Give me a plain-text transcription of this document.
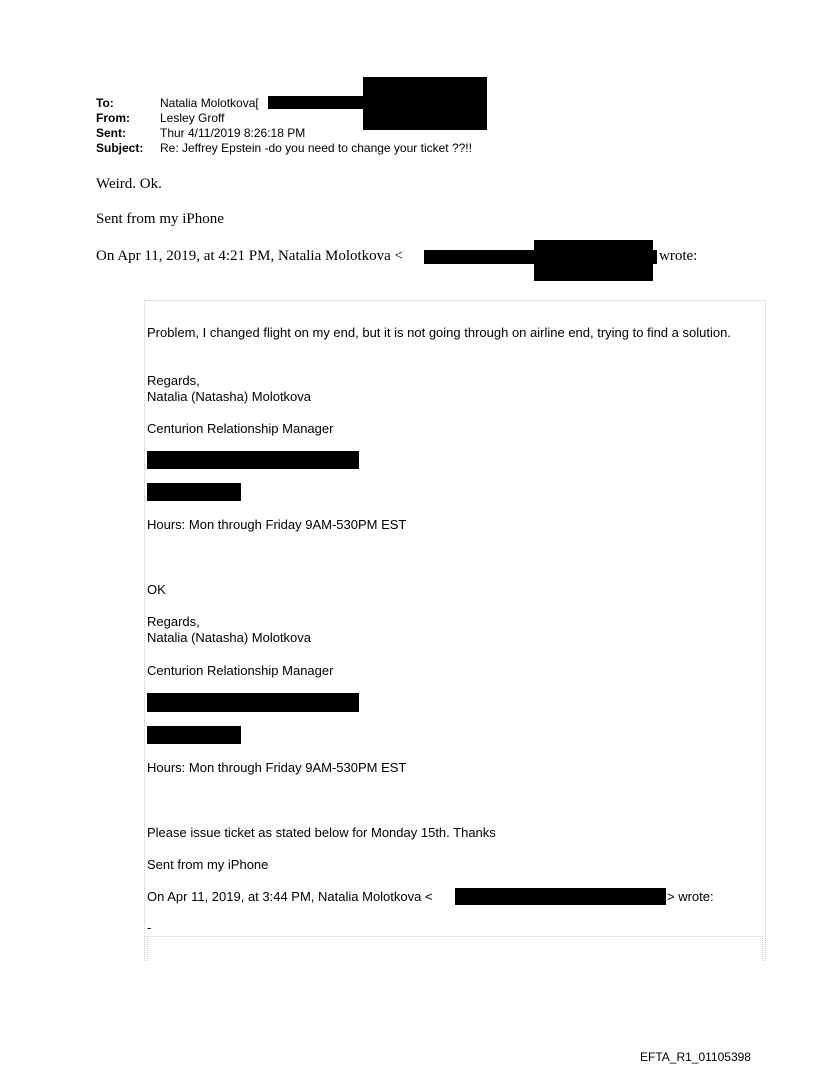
To:	Natalia Molotkova[
From:	Lesley Groff
Sent:	Thur 4/11/2019 8:26:18 PM
Subject: Re: Jeffrey Epstein -do you need to change your ticket ??!!
Weird. Ok.
Sent from my iPhone
On Apr 11, 2019, at 4:21 PM, Natalia Molotkova <	wrote:
Problem, I changed flight on my end, but it is not going through on airline end, trying to find a solution.
Regards,
Natalia (Natasha) Molotkova
Centurion Relationship Manager
Hours: Mon through Friday 9AM-530PM EST
OK
Regards,
Natalia (Natasha) Molotkova
Centurion Relationship Manager
Hours: Mon through Friday 9AM-530PM EST
Please issue ticket as stated below for Monday 15th. Thanks
Sent from my iPhone
On Apr 11, 2019, at 3:44 PM, Natalia Molotkova <	> wrote:
-
EFTA_R1_01105398
